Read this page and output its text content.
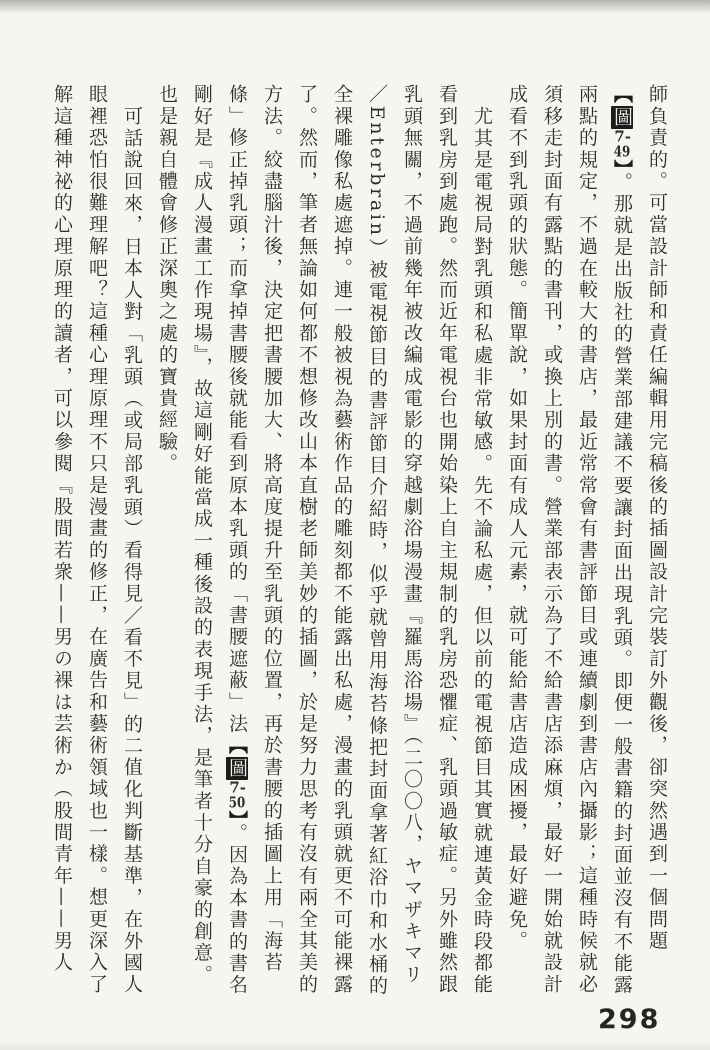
師負責的。可當設計師和責任編輯用完稿後的插圖設計完裝訂外觀後，卻突然遇到一個問題【圖7-49】。那就是出版社的營業部建議不要讓封面出現乳頭。即便一般書籍的封面並沒有不能露兩點的規定，不過在較大的書店，最近常常會有書評節目或連續劇到書店內攝影；這種時候就必須移走封面有露點的書刊，或換上別的書。營業部表示為了不給書店添麻煩，最好一開始就設計成看不到乳頭的狀態。簡單說，如果封面有成人元素，就可能給書店造成困擾，最好避免。

尤其是電視局對乳頭和私處非常敏感。先不論私處，但以前的電視節目其實就連黃金時段都能看到乳房到處跑。然而近年電視台也開始染上自主規制的乳房恐懼症、乳頭過敏症。另外雖然跟乳頭無關，不過前幾年被改編成電影的穿越劇浴場漫畫『羅馬浴場』（二〇〇八，ヤマザキマリ／Enterbrain）被電視節目的書評節目介紹時，似乎就曾用海苔條把封面拿著紅浴巾和水桶的全裸雕像私處遮掉。連一般被視為藝術作品的雕刻都不能露出私處，漫畫的乳頭就更不可能裸露了。然而，筆者無論如何都不想修改山本直樹老師美妙的插圖，於是努力思考有沒有兩全其美的方法。絞盡腦汁後，決定把書腰加大、將高度提升至乳頭的位置，再於書腰的插圖上用「海苔條」修正掉乳頭；而拿掉書腰後就能看到原本乳頭的「書腰遮蔽」法【圖7-50】。因為本書的書名剛好是『成人漫畫工作現場』，故這剛好能當成一種後設的表現手法，是筆者十分自豪的創意。也是親自體會修正深奧之處的寶貴經驗。

可話說回來，日本人對「乳頭（或局部乳頭）看得見／看不見」的二值化判斷基準，在外國人眼裡恐怕很難理解吧？這種心理原理不只是漫畫的修正，在廣告和藝術領域也一樣。想更深入了解這種神祕的心理原理的讀者，可以參閱『股間若衆——男の裸は芸術か（股間青年——男人

298
